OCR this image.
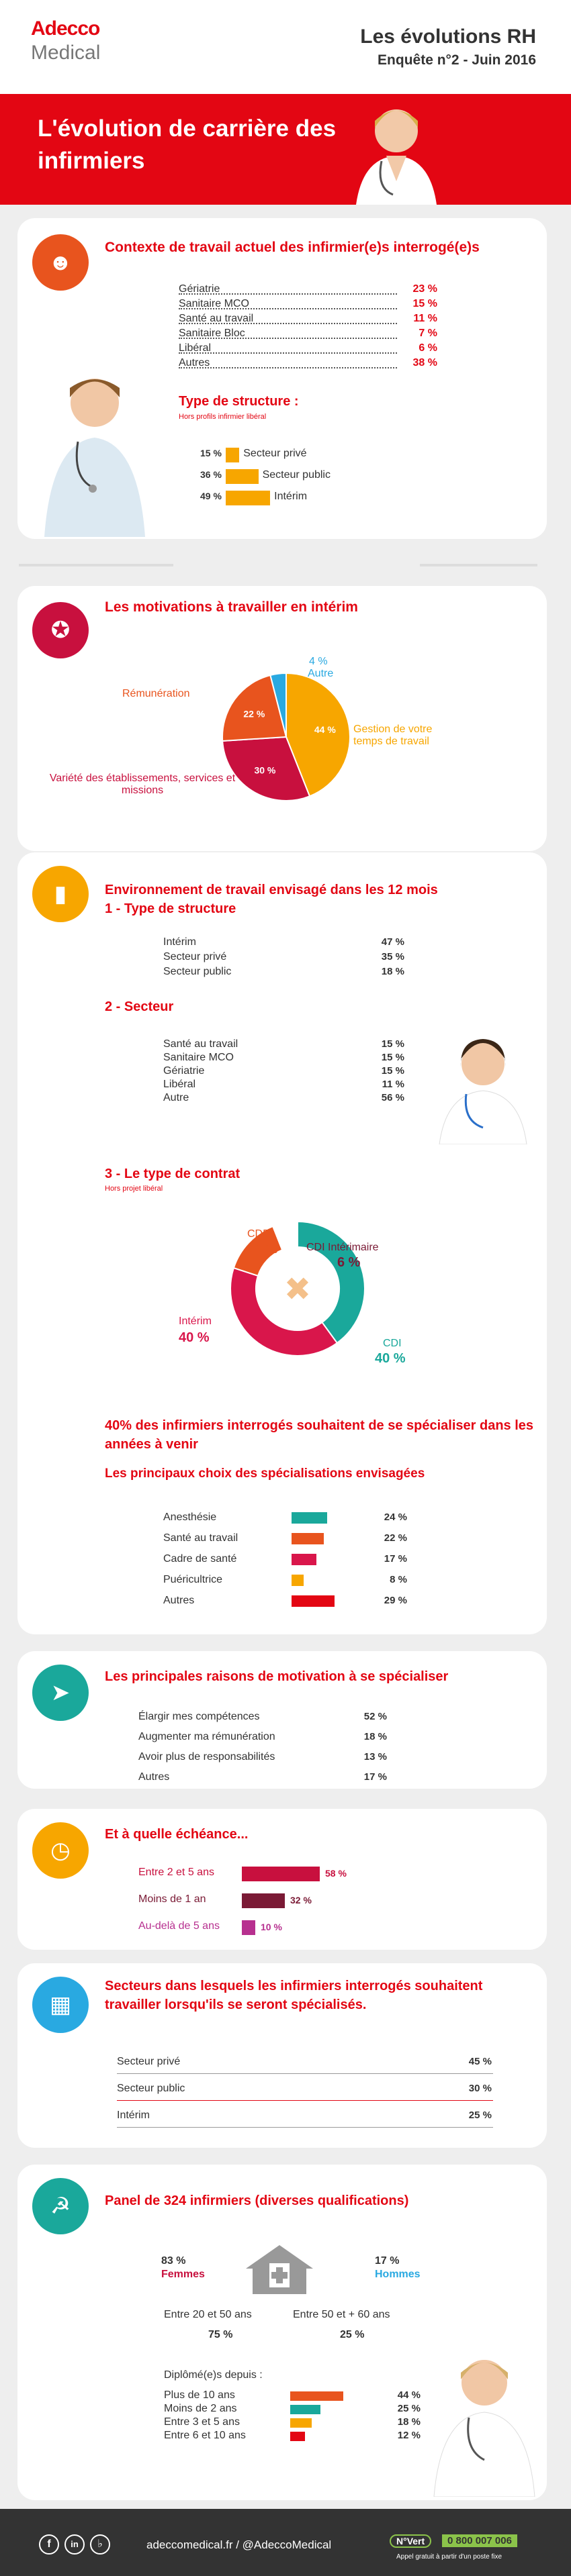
Adecco
Medical
Les évolutions RH
Enquête n°2 - Juin 2016
L'évolution de carrière des infirmiers
☻
Contexte de travail actuel des infirmier(e)s interrogé(e)s
Gériatrie	23 %
Sanitaire MCO	15 %
Santé au travail	11 %
Sanitaire Bloc	7 %
Libéral	6 %
Autres	38 %
Type de structure :
Hors profils infirmier libéral
15 % Secteur privé
36 %	Secteur public
49 %	Intérim
✪
Les motivations à travailler en intérim
44 %
30 %
22 %
Rémunération
Variété des établissements, services et missions
4 %
Autre
Gestion de votre temps de travail
▮	Environnement de travail envisagé dans les 12 mois
1 - Type de structure
Intérim	47 %
Secteur privé	35 %
Secteur public	18 %
2 - Secteur
Santé au travail	15 %
Sanitaire MCO	15 %
Gériatrie	15 %
Libéral	11 %
Autre	56 %
3 - Le type de contrat
Hors projet libéral
✖
CDD
14 %	CDI Intérimaire
6 %
Intérim
40 %	CDI
40 %
40% des infirmiers interrogés souhaitent de se spécialiser dans les années à venir
Les principaux choix des spécialisations envisagées
Anesthésie	24 %
Santé au travail	22 %
Cadre de santé	17 %
Puéricultrice	8 %
Autres	29 %
➤
Les principales raisons de motivation à se spécialiser
Élargir mes compétences	52 %
Augmenter ma rémunération	18 %
Avoir plus de responsabilités	13 %
Autres	17 %
◷
Et à quelle échéance...
Entre 2 et 5 ans	58 %
Moins de 1 an	32 %
Au-delà de 5 ans	10 %
▦
Secteurs dans lesquels les infirmiers interrogés souhaitent travailler lorsqu'ils se seront spécialisés.
Secteur privé	45 %
Secteur public	30 %
Intérim	25 %
☭	Panel de 324 infirmiers (diverses qualifications)
83 %
Femmes
17 %
Hommes
Entre 20 et 50 ans
75 %
Entre 50 et + 60 ans
25 %
Diplômé(e)s depuis :
Plus de 10 ans	44 %
Moins de 2 ans	25 %
Entre 3 et 5 ans	18 %
Entre 6 et 10 ans	12 %
f	in	♭	adeccomedical.fr / @AdeccoMedical	N°Vert	0 800 007 006
Appel gratuit à partir d'un poste fixe
